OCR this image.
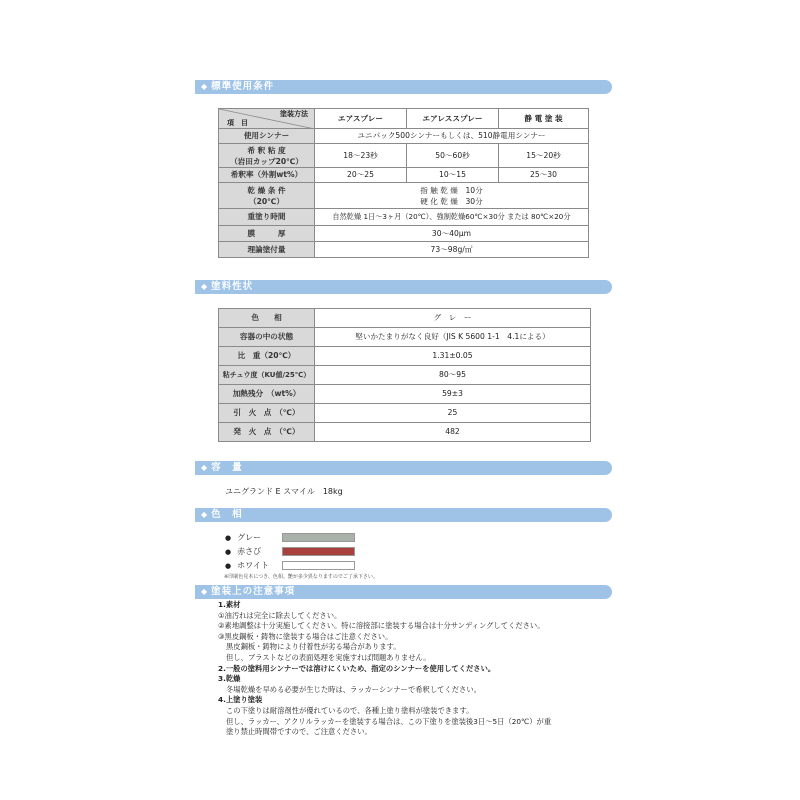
◆ 標準使用条件
塗装方法
項　目	エアスプレー	エアレススプレー	静 電 塗 装
使用シンナー	ユニパック500シンナーもしくは、510静電用シンナー		

希 釈 粘 度
（岩田カップ20℃）	18〜23秒	50〜60秒	15〜20秒
希釈率（外割wt%）	20〜25	10〜15	25〜30

乾 燥 条 件
（20℃）	指 触 乾 燥　10分
硬 化 乾 燥　30分		

重塗り時間	自然乾燥 1日〜3ヶ月（20℃）、強制乾燥60℃×30分 または 80℃×20分		
膜　　　厚	30〜40μm		
理論塗付量	73〜98g/㎡		
◆ 塗料性状
色　　相	グ　レ　ー
容器の中の状態	堅いかたまりがなく良好（JIS K 5600 1-1　4.1による）
比　重（20℃）	1.31±0.05
粘チュウ度（KU値/25℃）	80〜95
加熱残分　（wt%）	59±3
引　火　点　（℃）	25
発　火　点　（℃）	482
◆ 容　量
ユニグランド E スマイル　18kg
◆ 色　相
● グレー
● 赤さび
● ホワイト
※印刷色見本につき、色相、艶が多少異なりますのでご了承下さい。
◆ 塗装上の注意事項
1.素材
①油汚れは完全に除去してください。
②素地調整は十分実施してください。特に溶接部に塗装する場合は十分サンディングしてください。
③黒皮鋼板・鋳物に塗装する場合はご注意ください。
黒皮鋼板・鋳物により付着性が劣る場合があります。
但し、ブラストなどの表面処理を実施すれば問題ありません。
2.一般の塗料用シンナーでは溶けにくいため、指定のシンナーを使用してください。
3.乾燥
冬場乾燥を早める必要が生じた時は、ラッカーシンナーで希釈してください。
4.上塗り塗装
この下塗りは耐溶剤性が優れているので、各種上塗り塗料が塗装できます。
但し、ラッカー、アクリルラッカーを塗装する場合は、この下塗りを塗装後3日〜5日（20℃）が重
塗り禁止時間帯ですので、ご注意ください。
